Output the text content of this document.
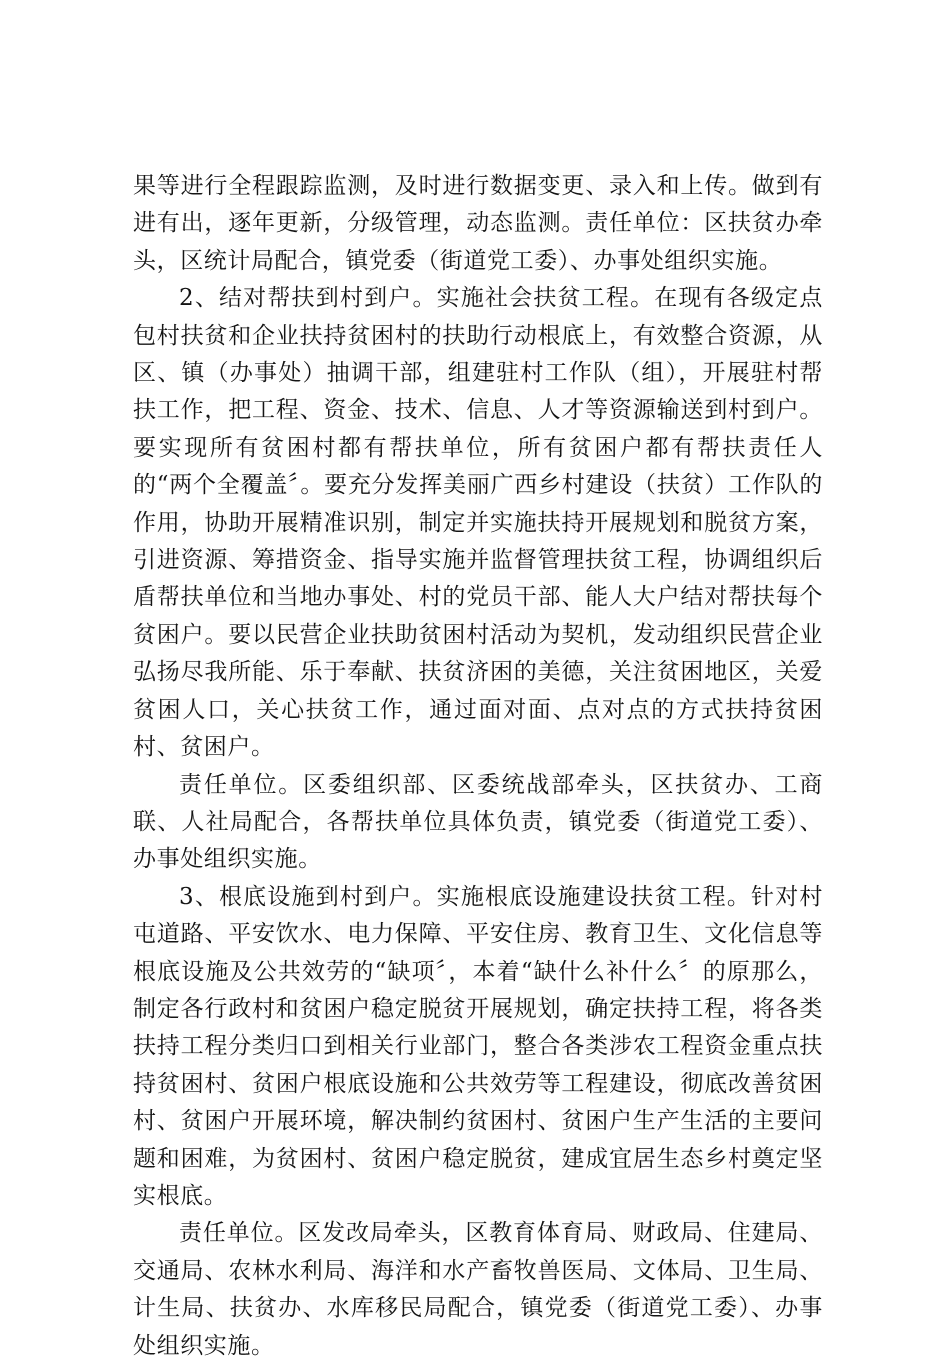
果等进行全程跟踪监测，及时进行数据变更、录入和上传。做到有进有出，逐年更新，分级管理，动态监测。责任单位：区扶贫办牵头，区统计局配合，镇党委（街道党工委）、办事处组织实施。

2、结对帮扶到村到户。实施社会扶贫工程。在现有各级定点包村扶贫和企业扶持贫困村的扶助行动根底上，有效整合资源，从区、镇（办事处）抽调干部，组建驻村工作队（组），开展驻村帮扶工作，把工程、资金、技术、信息、人才等资源输送到村到户。要实现所有贫困村都有帮扶单位，所有贫困户都有帮扶责任人的“两个全覆盖〞。要充分发挥美丽广西乡村建设（扶贫）工作队的作用，协助开展精准识别，制定并实施扶持开展规划和脱贫方案，引进资源、筹措资金、指导实施并监督管理扶贫工程，协调组织后盾帮扶单位和当地办事处、村的党员干部、能人大户结对帮扶每个贫困户。要以民营企业扶助贫困村活动为契机，发动组织民营企业弘扬尽我所能、乐于奉献、扶贫济困的美德，关注贫困地区，关爱贫困人口，关心扶贫工作，通过面对面、点对点的方式扶持贫困村、贫困户。

责任单位。区委组织部、区委统战部牵头，区扶贫办、工商联、人社局配合，各帮扶单位具体负责，镇党委（街道党工委）、办事处组织实施。

3、根底设施到村到户。实施根底设施建设扶贫工程。针对村屯道路、平安饮水、电力保障、平安住房、教育卫生、文化信息等根底设施及公共效劳的“缺项〞，本着“缺什么补什么〞的原那么，制定各行政村和贫困户稳定脱贫开展规划，确定扶持工程，将各类扶持工程分类归口到相关行业部门，整合各类涉农工程资金重点扶持贫困村、贫困户根底设施和公共效劳等工程建设，彻底改善贫困村、贫困户开展环境，解决制约贫困村、贫困户生产生活的主要问题和困难，为贫困村、贫困户稳定脱贫，建成宜居生态乡村奠定坚实根底。

责任单位。区发改局牵头，区教育体育局、财政局、住建局、交通局、农林水利局、海洋和水产畜牧兽医局、文体局、卫生局、计生局、扶贫办、水库移民局配合，镇党委（街道党工委）、办事处组织实施。
